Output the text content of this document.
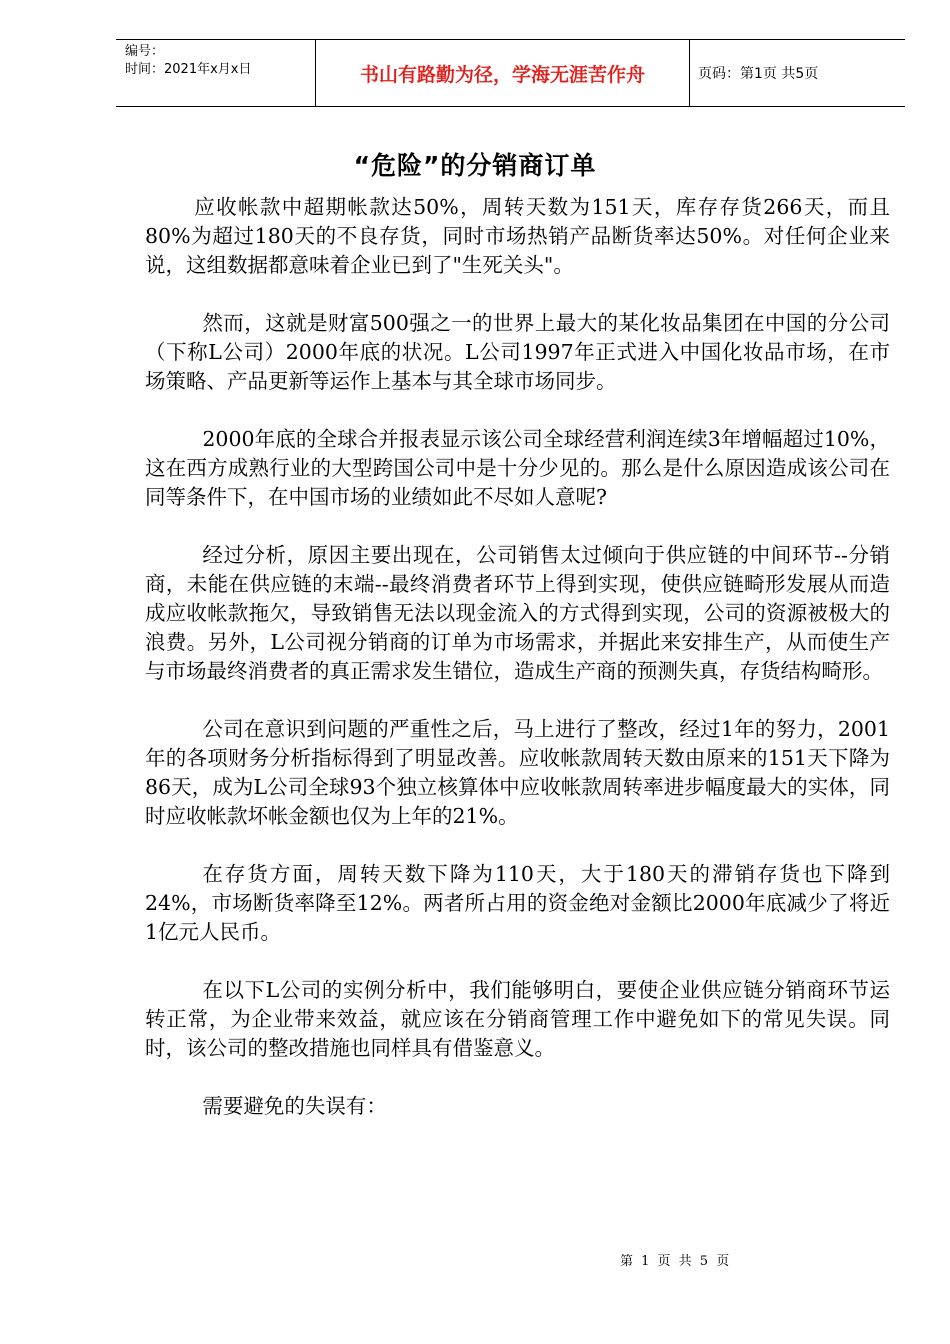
编号：
时间：2021年x月x日	书山有路勤为径，学海无涯苦作舟	页码：第1页 共5页
“危险”的分销商订单

应收帐款中超期帐款达50%，周转天数为151天，库存存货266天，而且80%为超过180天的不良存货，同时市场热销产品断货率达50%。对任何企业来说，这组数据都意味着企业已到了"生死关头"。

然而，这就是财富500强之一的世界上最大的某化妆品集团在中国的分公司（下称L公司）2000年底的状况。L公司1997年正式进入中国化妆品市场，在市场策略、产品更新等运作上基本与其全球市场同步。

2000年底的全球合并报表显示该公司全球经营利润连续3年增幅超过10%，这在西方成熟行业的大型跨国公司中是十分少见的。那么是什么原因造成该公司在同等条件下，在中国市场的业绩如此不尽如人意呢?

经过分析，原因主要出现在，公司销售太过倾向于供应链的中间环节--分销商，未能在供应链的末端--最终消费者环节上得到实现，使供应链畸形发展从而造成应收帐款拖欠，导致销售无法以现金流入的方式得到实现，公司的资源被极大的浪费。另外，L公司视分销商的订单为市场需求，并据此来安排生产，从而使生产与市场最终消费者的真正需求发生错位，造成生产商的预测失真，存货结构畸形。

公司在意识到问题的严重性之后，马上进行了整改，经过1年的努力，2001年的各项财务分析指标得到了明显改善。应收帐款周转天数由原来的151天下降为 86天，成为L公司全球93个独立核算体中应收帐款周转率进步幅度最大的实体，同时应收帐款坏帐金额也仅为上年的21%。

在存货方面，周转天数下降为110天，大于180天的滞销存货也下降到24%，市场断货率降至12%。两者所占用的资金绝对金额比2000年底减少了将近1亿元人民币。

在以下L公司的实例分析中，我们能够明白，要使企业供应链分销商环节运转正常，为企业带来效益，就应该在分销商管理工作中避免如下的常见失误。同时，该公司的整改措施也同样具有借鉴意义。

需要避免的失误有：

第 1 页 共 5 页
